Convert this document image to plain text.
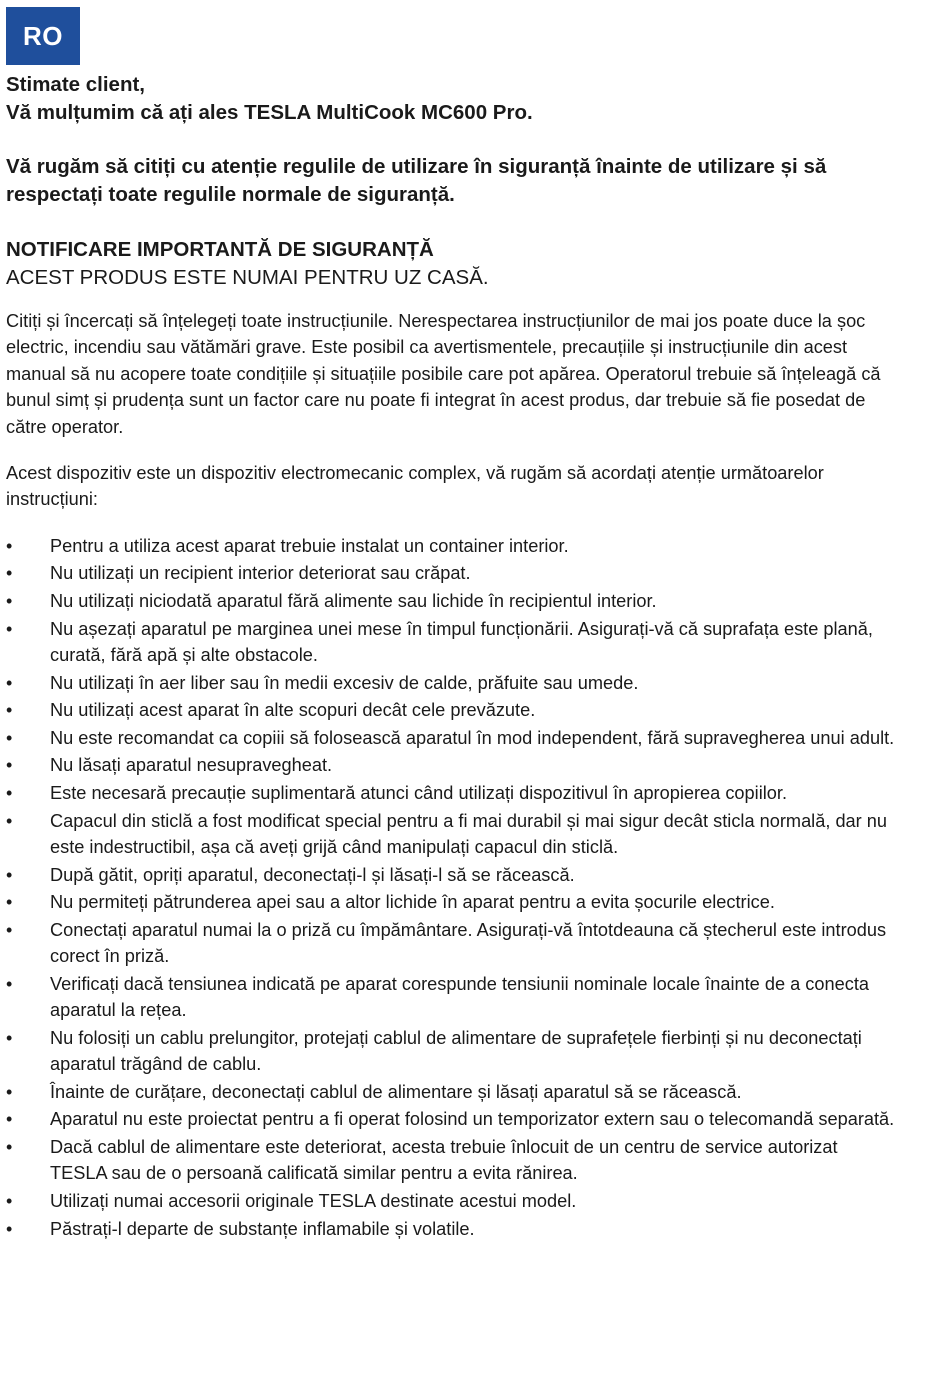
RO
Stimate client,
Vă mulțumim că ați ales TESLA MultiCook MC600 Pro.
Vă rugăm să citiți cu atenție regulile de utilizare în siguranță înainte de utilizare și să respectați toate regulile normale de siguranță.
NOTIFICARE IMPORTANTĂ DE SIGURANȚĂ
ACEST PRODUS ESTE NUMAI PENTRU UZ CASĂ.
Citiți și încercați să înțelegeți toate instrucțiunile. Nerespectarea instrucțiunilor de mai jos poate duce la șoc electric, incendiu sau vătămări grave. Este posibil ca avertismentele, precauțiile și instrucțiunile din acest manual să nu acopere toate condițiile și situațiile posibile care pot apărea. Operatorul trebuie să înțeleagă că bunul simț și prudența sunt un factor care nu poate fi integrat în acest produs, dar trebuie să fie posedat de către operator.
Acest dispozitiv este un dispozitiv electromecanic complex, vă rugăm să acordați atenție următoarelor instrucțiuni:
• Pentru a utiliza acest aparat trebuie instalat un container interior.
• Nu utilizați un recipient interior deteriorat sau crăpat.
• Nu utilizați niciodată aparatul fără alimente sau lichide în recipientul interior.
• Nu așezați aparatul pe marginea unei mese în timpul funcționării. Asigurați-vă că suprafața este plană, curată, fără apă și alte obstacole.
• Nu utilizați în aer liber sau în medii excesiv de calde, prăfuite sau umede.
• Nu utilizați acest aparat în alte scopuri decât cele prevăzute.
• Nu este recomandat ca copiii să folosească aparatul în mod independent, fără supravegherea unui adult.
• Nu lăsați aparatul nesupravegheat.
• Este necesară precauție suplimentară atunci când utilizați dispozitivul în apropierea copiilor.
• Capacul din sticlă a fost modificat special pentru a fi mai durabil și mai sigur decât sticla normală, dar nu este indestructibil, așa că aveți grijă când manipulați capacul din sticlă.
• După gătit, opriți aparatul, deconectați-l și lăsați-l să se răcească.
• Nu permiteți pătrunderea apei sau a altor lichide în aparat pentru a evita șocurile electrice.
• Conectați aparatul numai la o priză cu împământare. Asigurați-vă întotdeauna că ștecherul este introdus corect în priză.
• Verificați dacă tensiunea indicată pe aparat corespunde tensiunii nominale locale înainte de a conecta aparatul la rețea.
• Nu folosiți un cablu prelungitor, protejați cablul de alimentare de suprafețele fierbinți și nu deconectați aparatul trăgând de cablu.
• Înainte de curățare, deconectați cablul de alimentare și lăsați aparatul să se răcească.
• Aparatul nu este proiectat pentru a fi operat folosind un temporizator extern sau o telecomandă separată.
• Dacă cablul de alimentare este deteriorat, acesta trebuie înlocuit de un centru de service autorizat TESLA sau de o persoană calificată similar pentru a evita rănirea.
• Utilizați numai accesorii originale TESLA destinate acestui model.
• Păstrați-l departe de substanțe inflamabile și volatile.
